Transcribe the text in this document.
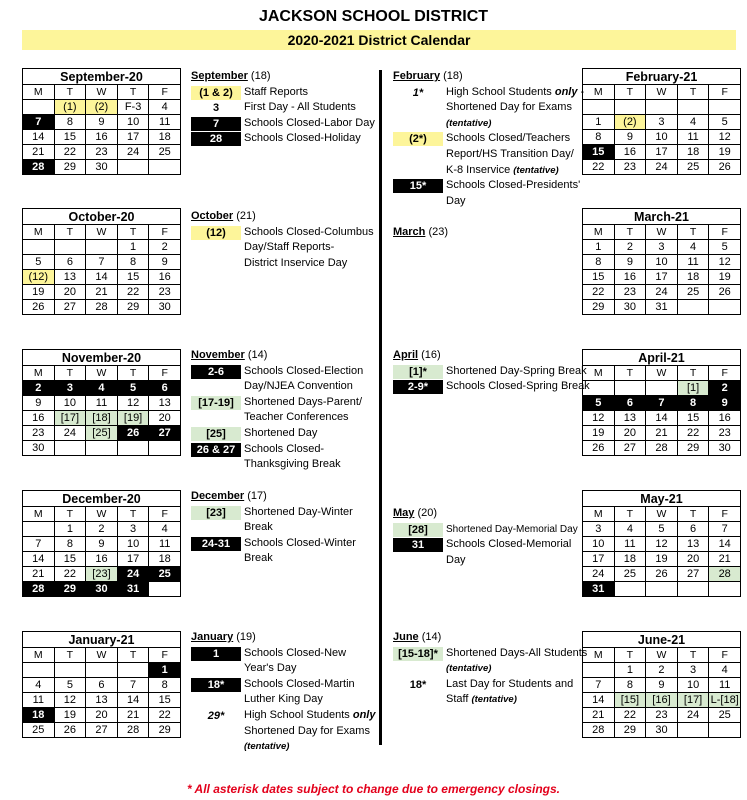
JACKSON SCHOOL DISTRICT
2020-2021 District Calendar
* All asterisk dates subject to change due to emergency closings.
September-20				
M	T	W	T	F
	(1)	(2)	F-3	4
7	8	9	10	11
14	15	16	17	18
21	22	23	24	25
28	29	30		
October-20				
M	T	W	T	F
			1	2
5	6	7	8	9
(12)	13	14	15	16
19	20	21	22	23
26	27	28	29	30
November-20				
M	T	W	T	F
2	3	4	5	6
9	10	11	12	13
16	[17]	[18]	[19]	20
23	24	[25]	26	27
30				
December-20				
M	T	W	T	F
	1	2	3	4
7	8	9	10	11
14	15	16	17	18
21	22	[23]	24	25
28	29	30	31	
January-21				
M	T	W	T	F
				1
4	5	6	7	8
11	12	13	14	15
18	19	20	21	22
25	26	27	28	29
February-21				
M	T	W	T	F

1	(2)	3	4	5
8	9	10	11	12
15	16	17	18	19
22	23	24	25	26
March-21				
M	T	W	T	F
1	2	3	4	5
8	9	10	11	12
15	16	17	18	19
22	23	24	25	26
29	30	31		
April-21				
M	T	W	T	F
			[1]	2
5	6	7	8	9
12	13	14	15	16
19	20	21	22	23
26	27	28	29	30
May-21				
M	T	W	T	F
3	4	5	6	7
10	11	12	13	14
17	18	19	20	21
24	25	26	27	28
31				
June-21				
M	T	W	T	F
	1	2	3	4
7	8	9	10	11
14	[15]	[16]	[17]	L-[18]
21	22	23	24	25
28	29	30		
September (18)
(1 & 2)	Staff Reports
3	First Day - All Students
7	Schools Closed-Labor Day
28	Schools Closed-Holiday
October (21)
(12)	Schools Closed-Columbus
Day/Staff Reports-
District Inservice Day
November (14)
2-6	Schools Closed-Election
Day/NJEA Convention
[17-19] Shortened Days-Parent/
Teacher Conferences
[25]	Shortened Day
26 & 27 Schools Closed-
Thanksgiving Break
December (17)
[23]	Shortened Day-Winter
Break
24-31	Schools Closed-Winter
Break
January (19)
1	Schools Closed-New
Year's Day
18*	Schools Closed-Martin
Luther King Day
29*	High School Students only -
Shortened Day for Exams
(tentative)
February (18)
1*	High School Students only -
Shortened Day for Exams
(tentative)
(2*)	Schools Closed/Teachers
Report/HS Transition Day/
K-8 Inservice (tentative)
15*	Schools Closed-Presidents'
Day
March (23)
April (16)
[1]*	Shortened Day-Spring Break
2-9*	Schools Closed-Spring Break
May (20)
[28]	Shortened Day-Memorial Day
31	Schools Closed-Memorial
Day
June (14)
[15-18]* Shortened Days-All Students
(tentative)
18*	Last Day for Students and
Staff (tentative)
